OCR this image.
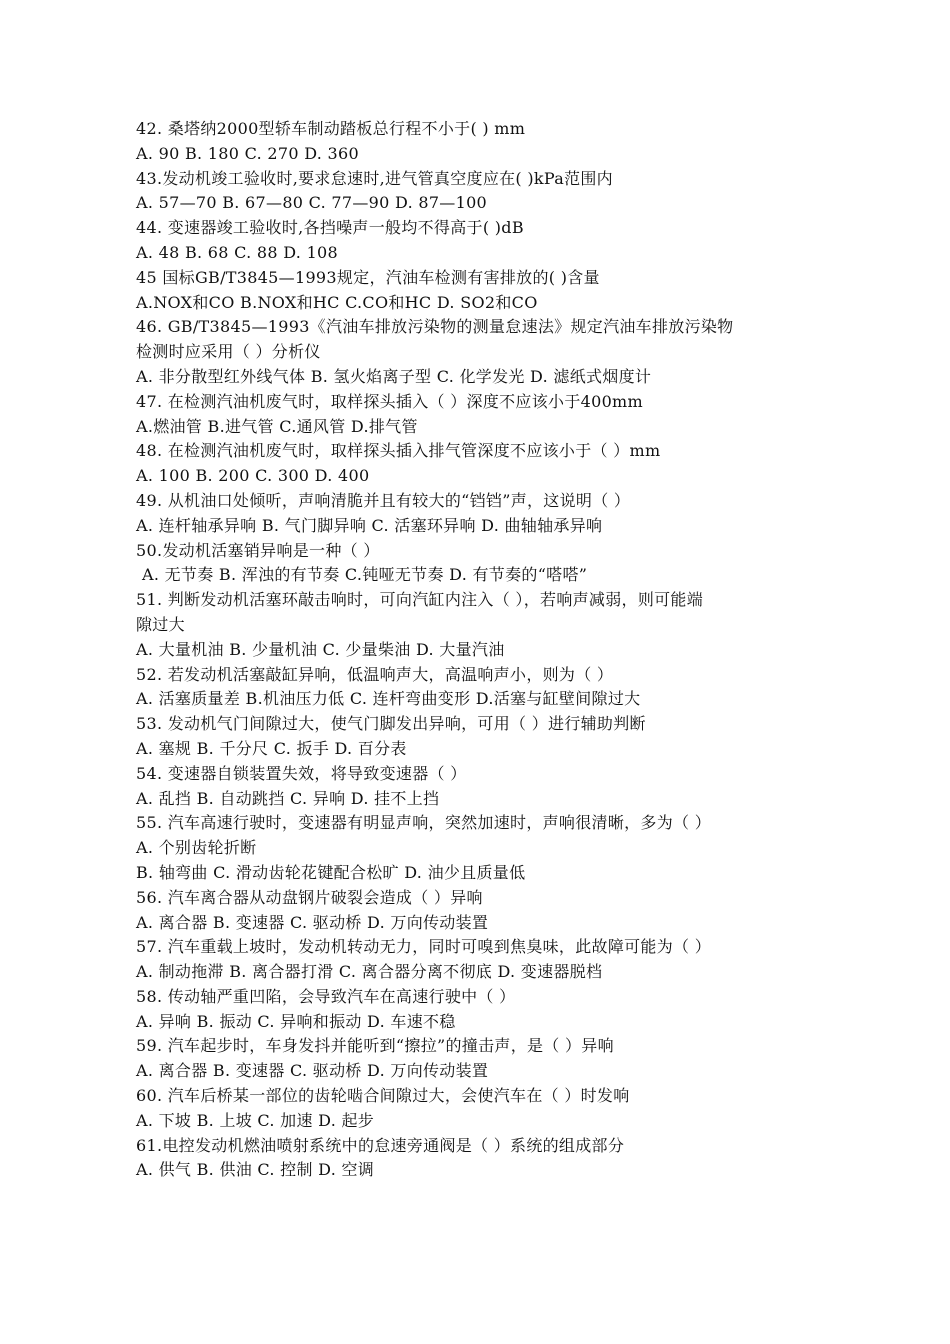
42. 桑塔纳2000型轿车制动踏板总行程不小于( ) mm
A. 90 B. 180 C. 270 D. 360
43.发动机竣工验收时,要求怠速时,进气管真空度应在( )kPa范围内
A. 57—70 B. 67—80 C. 77—90 D. 87—100
44. 变速器竣工验收时,各挡噪声一般均不得高于( )dB
A. 48 B. 68 C. 88 D. 108
45 国标GB/T3845—1993规定，汽油车检测有害排放的( )含量
A.NOX和CO B.NOX和HC C.CO和HC D. SO2和CO
46. GB/T3845—1993《汽油车排放污染物的测量怠速法》规定汽油车排放污染物
检测时应采用（ ）分析仪
A. 非分散型红外线气体 B. 氢火焰离子型 C. 化学发光 D. 滤纸式烟度计
47. 在检测汽油机废气时，取样探头插入（ ）深度不应该小于400mm
A.燃油管 B.进气管 C.通风管 D.排气管
48. 在检测汽油机废气时，取样探头插入排气管深度不应该小于（ ）mm
A. 100 B. 200 C. 300 D. 400
49. 从机油口处倾听，声响清脆并且有较大的“铛铛”声，这说明（ ）
A. 连杆轴承异响 B. 气门脚异响 C. 活塞环异响 D. 曲轴轴承异响
50.发动机活塞销异响是一种（ ）
A. 无节奏 B. 浑浊的有节奏 C.钝哑无节奏 D. 有节奏的“嗒嗒”
51. 判断发动机活塞环敲击响时，可向汽缸内注入（ ），若响声减弱，则可能端
隙过大
A. 大量机油 B. 少量机油 C. 少量柴油 D. 大量汽油
52. 若发动机活塞敲缸异响，低温响声大，高温响声小，则为（ ）
A. 活塞质量差 B.机油压力低 C. 连杆弯曲变形 D.活塞与缸壁间隙过大
53. 发动机气门间隙过大，使气门脚发出异响，可用（ ）进行辅助判断
A. 塞规 B. 千分尺 C. 扳手 D. 百分表
54. 变速器自锁装置失效，将导致变速器（ ）
A. 乱挡 B. 自动跳挡 C. 异响 D. 挂不上挡
55. 汽车高速行驶时，变速器有明显声响，突然加速时，声响很清晰，多为（ ）
A. 个别齿轮折断
B. 轴弯曲 C. 滑动齿轮花键配合松旷 D. 油少且质量低
56. 汽车离合器从动盘钢片破裂会造成（ ）异响
A. 离合器 B. 变速器 C. 驱动桥 D. 万向传动装置
57. 汽车重载上坡时，发动机转动无力，同时可嗅到焦臭味，此故障可能为（ ）
A. 制动拖滞 B. 离合器打滑 C. 离合器分离不彻底 D. 变速器脱档
58. 传动轴严重凹陷，会导致汽车在高速行驶中（ ）
A. 异响 B. 振动 C. 异响和振动 D. 车速不稳
59. 汽车起步时，车身发抖并能听到“擦拉”的撞击声，是（ ）异响
A. 离合器 B. 变速器 C. 驱动桥 D. 万向传动装置
60. 汽车后桥某一部位的齿轮啮合间隙过大，会使汽车在（ ）时发响
A. 下坡 B. 上坡 C. 加速 D. 起步
61.电控发动机燃油喷射系统中的怠速旁通阀是（ ）系统的组成部分
A. 供气 B. 供油 C. 控制 D. 空调
